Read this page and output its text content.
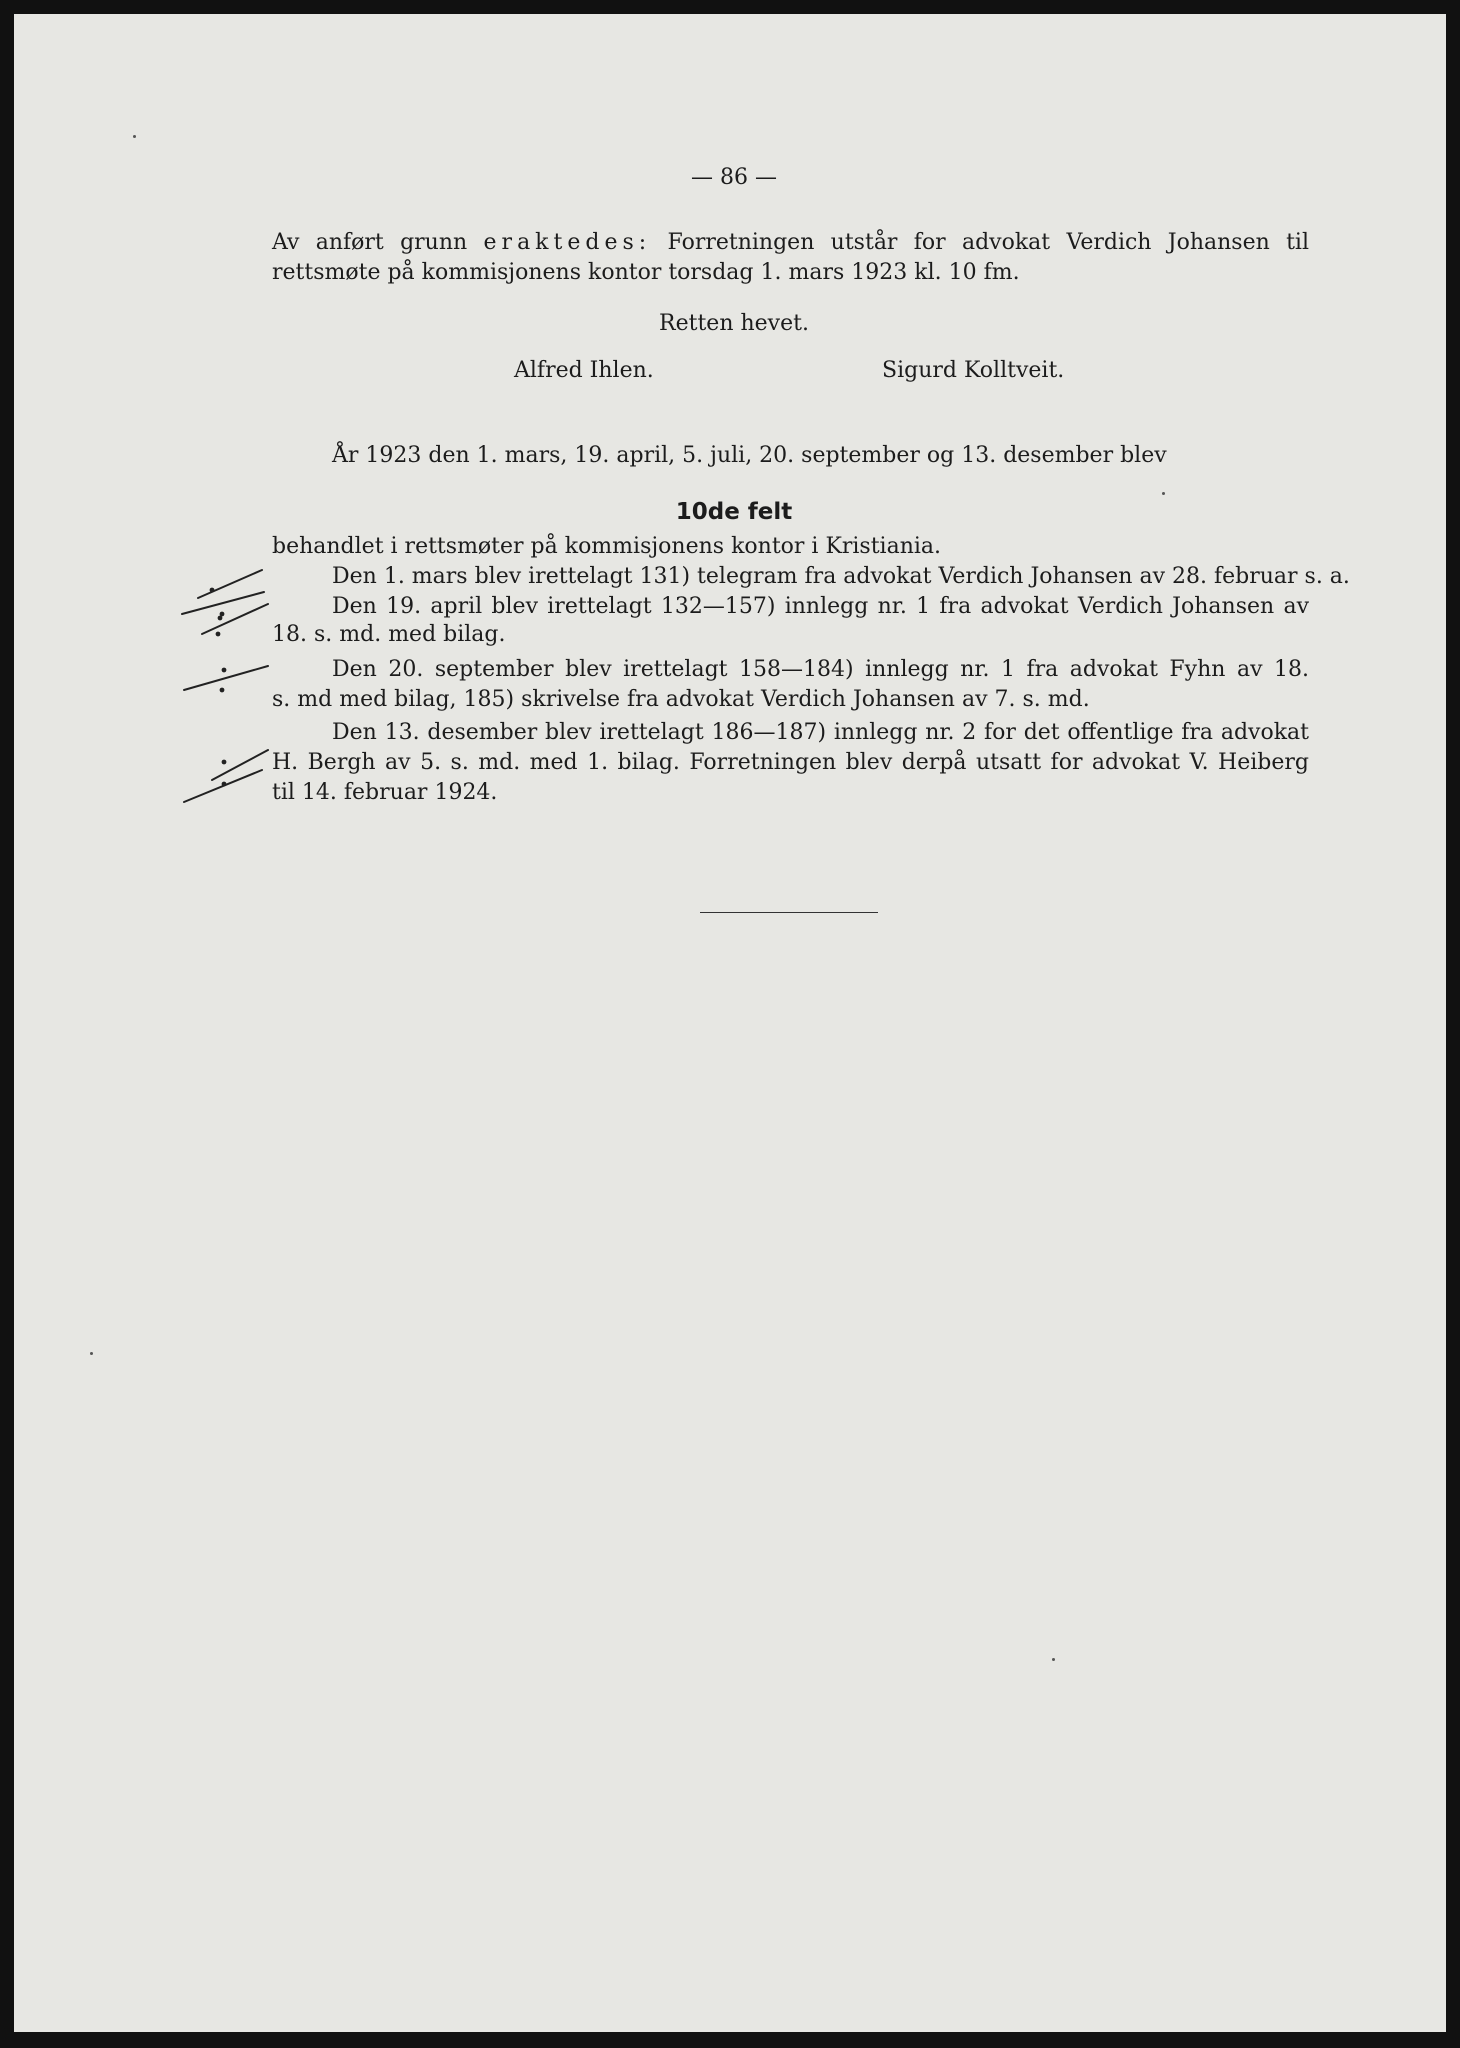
— 86 —
Av anført grunn eraktedes: Forretningen utstår for advokat Verdich Johansen til
rettsmøte på kommisjonens kontor torsdag 1. mars 1923 kl. 10 fm.
Retten hevet.
Alfred Ihlen.	Sigurd Kolltveit.
År 1923 den 1. mars, 19. april, 5. juli, 20. september og 13. desember blev
10de felt
behandlet i rettsmøter på kommisjonens kontor i Kristiania.
Den 1. mars blev irettelagt 131) telegram fra advokat Verdich Johansen av 28. februar s. a.
Den 19. april blev irettelagt 132—157) innlegg nr. 1 fra advokat Verdich Johansen av
18. s. md. med bilag.
Den 20. september blev irettelagt 158—184) innlegg nr. 1 fra advokat Fyhn av 18.
s. md med bilag, 185) skrivelse fra advokat Verdich Johansen av 7. s. md.
Den 13. desember blev irettelagt 186—187) innlegg nr. 2 for det offentlige fra advokat
H. Bergh av 5. s. md. med 1. bilag. Forretningen blev derpå utsatt for advokat V. Heiberg
til 14. februar 1924.
